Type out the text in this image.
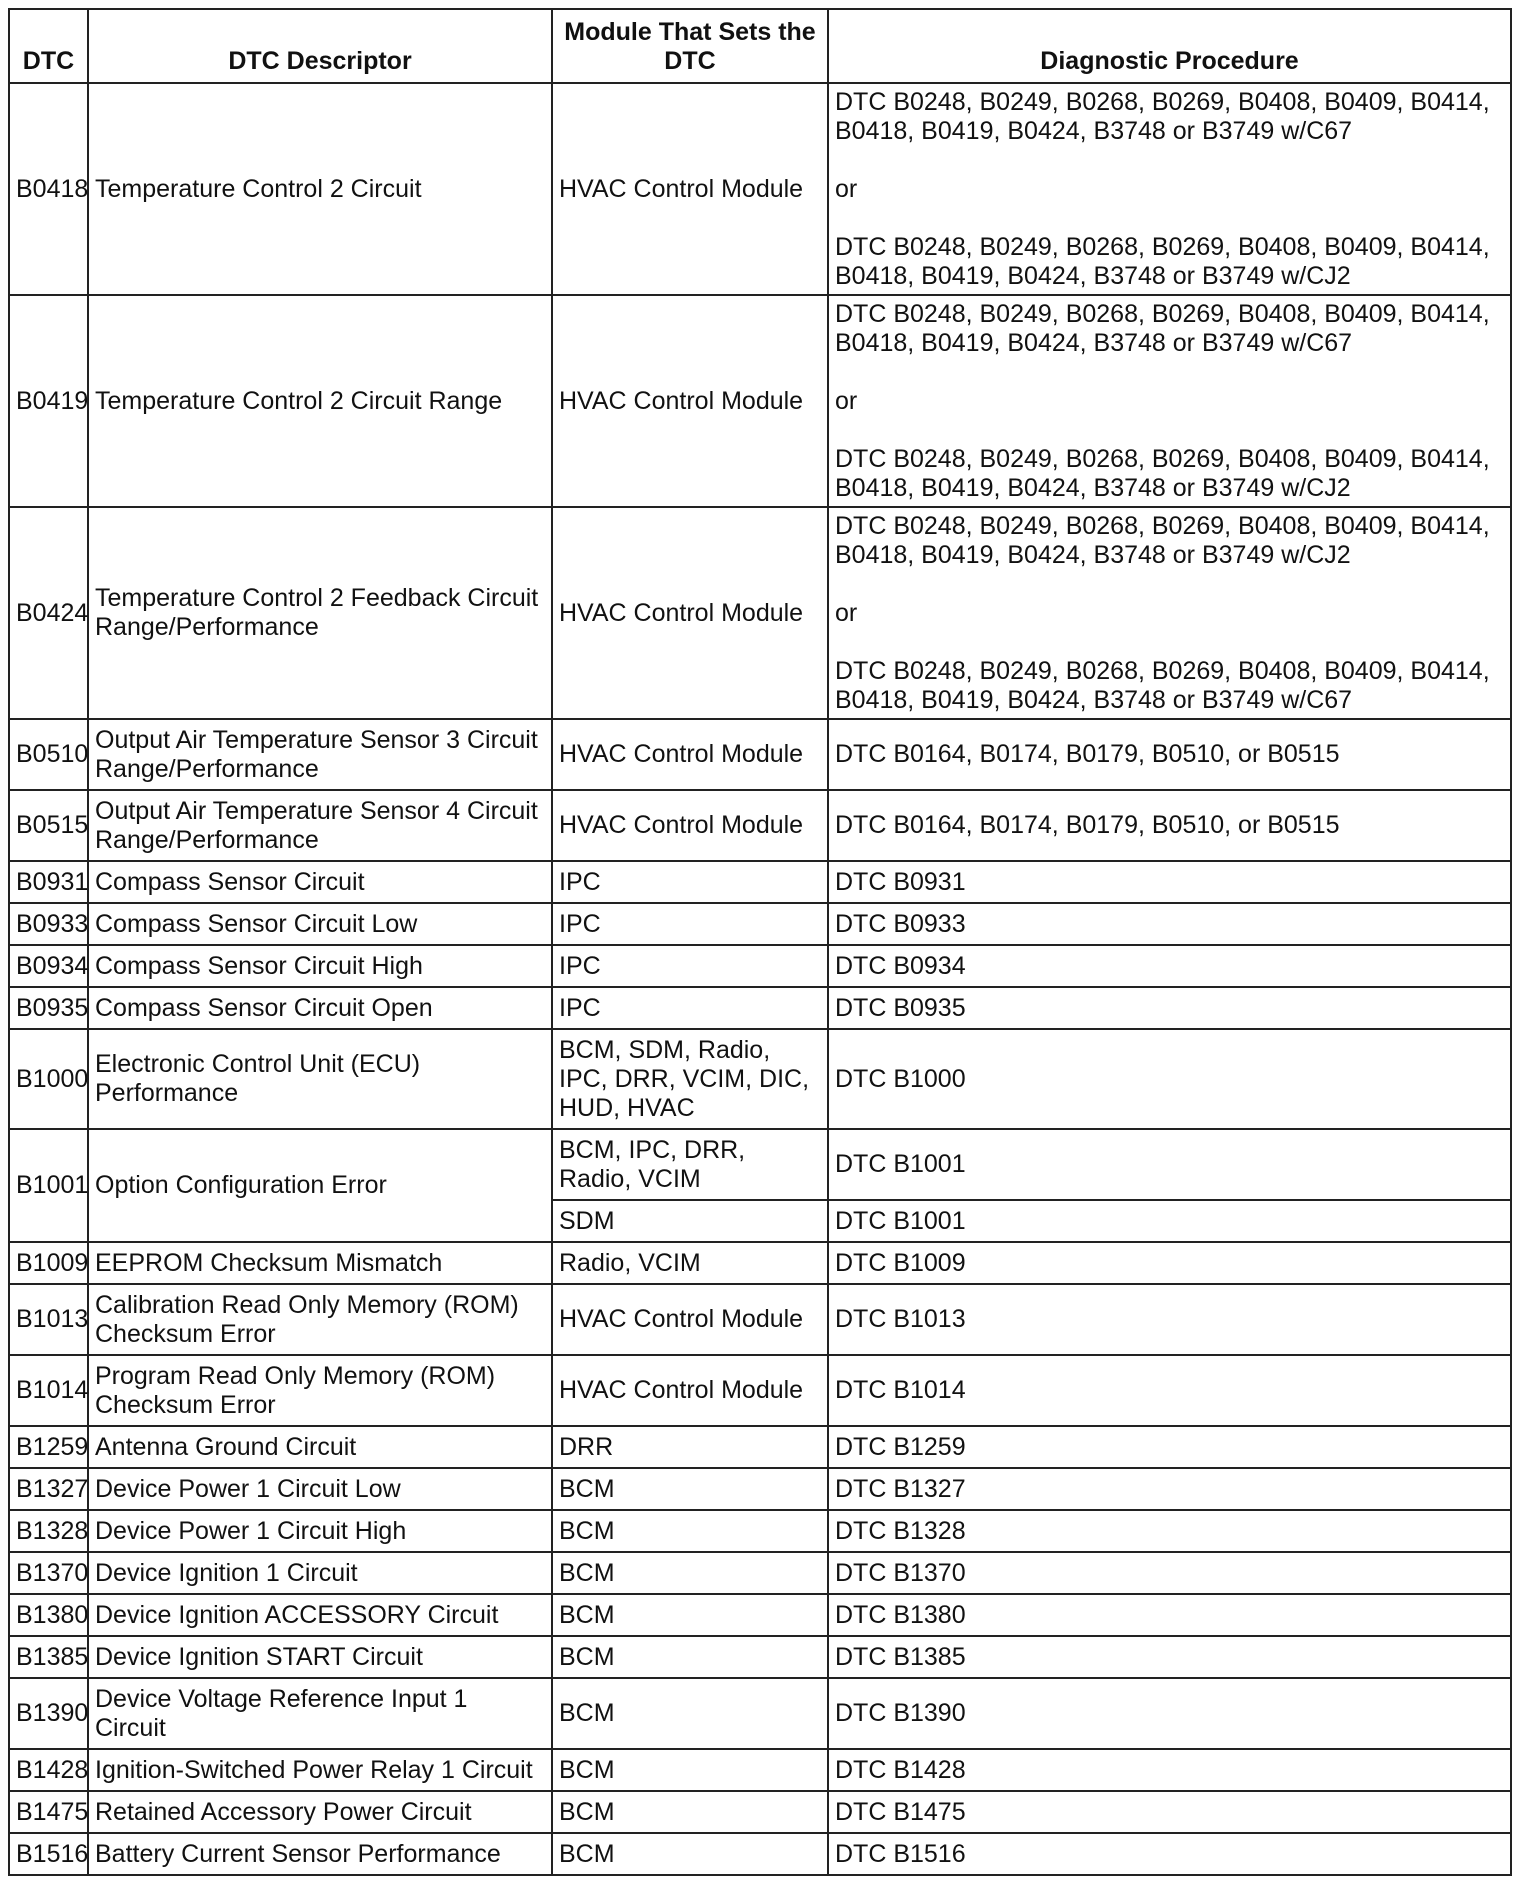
DTC	DTC Descriptor	Module That Sets the DTC	Diagnostic Procedure
B0418	Temperature Control 2 Circuit	HVAC Control Module	DTC B0248, B0249, B0268, B0269, B0408, B0409, B0414, B0418, B0419, B0424, B3748 or B3749 w/C67

or

DTC B0248, B0249, B0268, B0269, B0408, B0409, B0414, B0418, B0419, B0424, B3748 or B3749 w/CJ2
B0419	Temperature Control 2 Circuit Range	HVAC Control Module	DTC B0248, B0249, B0268, B0269, B0408, B0409, B0414, B0418, B0419, B0424, B3748 or B3749 w/C67

or

DTC B0248, B0249, B0268, B0269, B0408, B0409, B0414, B0418, B0419, B0424, B3748 or B3749 w/CJ2
B0424	Temperature Control 2 Feedback Circuit Range/Performance	HVAC Control Module	DTC B0248, B0249, B0268, B0269, B0408, B0409, B0414, B0418, B0419, B0424, B3748 or B3749 w/CJ2

or

DTC B0248, B0249, B0268, B0269, B0408, B0409, B0414, B0418, B0419, B0424, B3748 or B3749 w/C67
B0510	Output Air Temperature Sensor 3 Circuit Range/Performance	HVAC Control Module	DTC B0164, B0174, B0179, B0510, or B0515
B0515	Output Air Temperature Sensor 4 Circuit Range/Performance	HVAC Control Module	DTC B0164, B0174, B0179, B0510, or B0515
B0931	Compass Sensor Circuit	IPC	DTC B0931
B0933	Compass Sensor Circuit Low	IPC	DTC B0933
B0934	Compass Sensor Circuit High	IPC	DTC B0934
B0935	Compass Sensor Circuit Open	IPC	DTC B0935
B1000	Electronic Control Unit (ECU) Performance	BCM, SDM, Radio, IPC, DRR, VCIM, DIC, HUD, HVAC	DTC B1000
B1001	Option Configuration Error	BCM, IPC, DRR, Radio, VCIM	DTC B1001
		SDM	DTC B1001
B1009	EEPROM Checksum Mismatch	Radio, VCIM	DTC B1009
B1013	Calibration Read Only Memory (ROM) Checksum Error	HVAC Control Module	DTC B1013
B1014	Program Read Only Memory (ROM) Checksum Error	HVAC Control Module	DTC B1014
B1259	Antenna Ground Circuit	DRR	DTC B1259
B1327	Device Power 1 Circuit Low	BCM	DTC B1327
B1328	Device Power 1 Circuit High	BCM	DTC B1328
B1370	Device Ignition 1 Circuit	BCM	DTC B1370
B1380	Device Ignition ACCESSORY Circuit	BCM	DTC B1380
B1385	Device Ignition START Circuit	BCM	DTC B1385
B1390	Device Voltage Reference Input 1 Circuit	BCM	DTC B1390
B1428	Ignition-Switched Power Relay 1 Circuit	BCM	DTC B1428
B1475	Retained Accessory Power Circuit	BCM	DTC B1475
B1516	Battery Current Sensor Performance	BCM	DTC B1516
